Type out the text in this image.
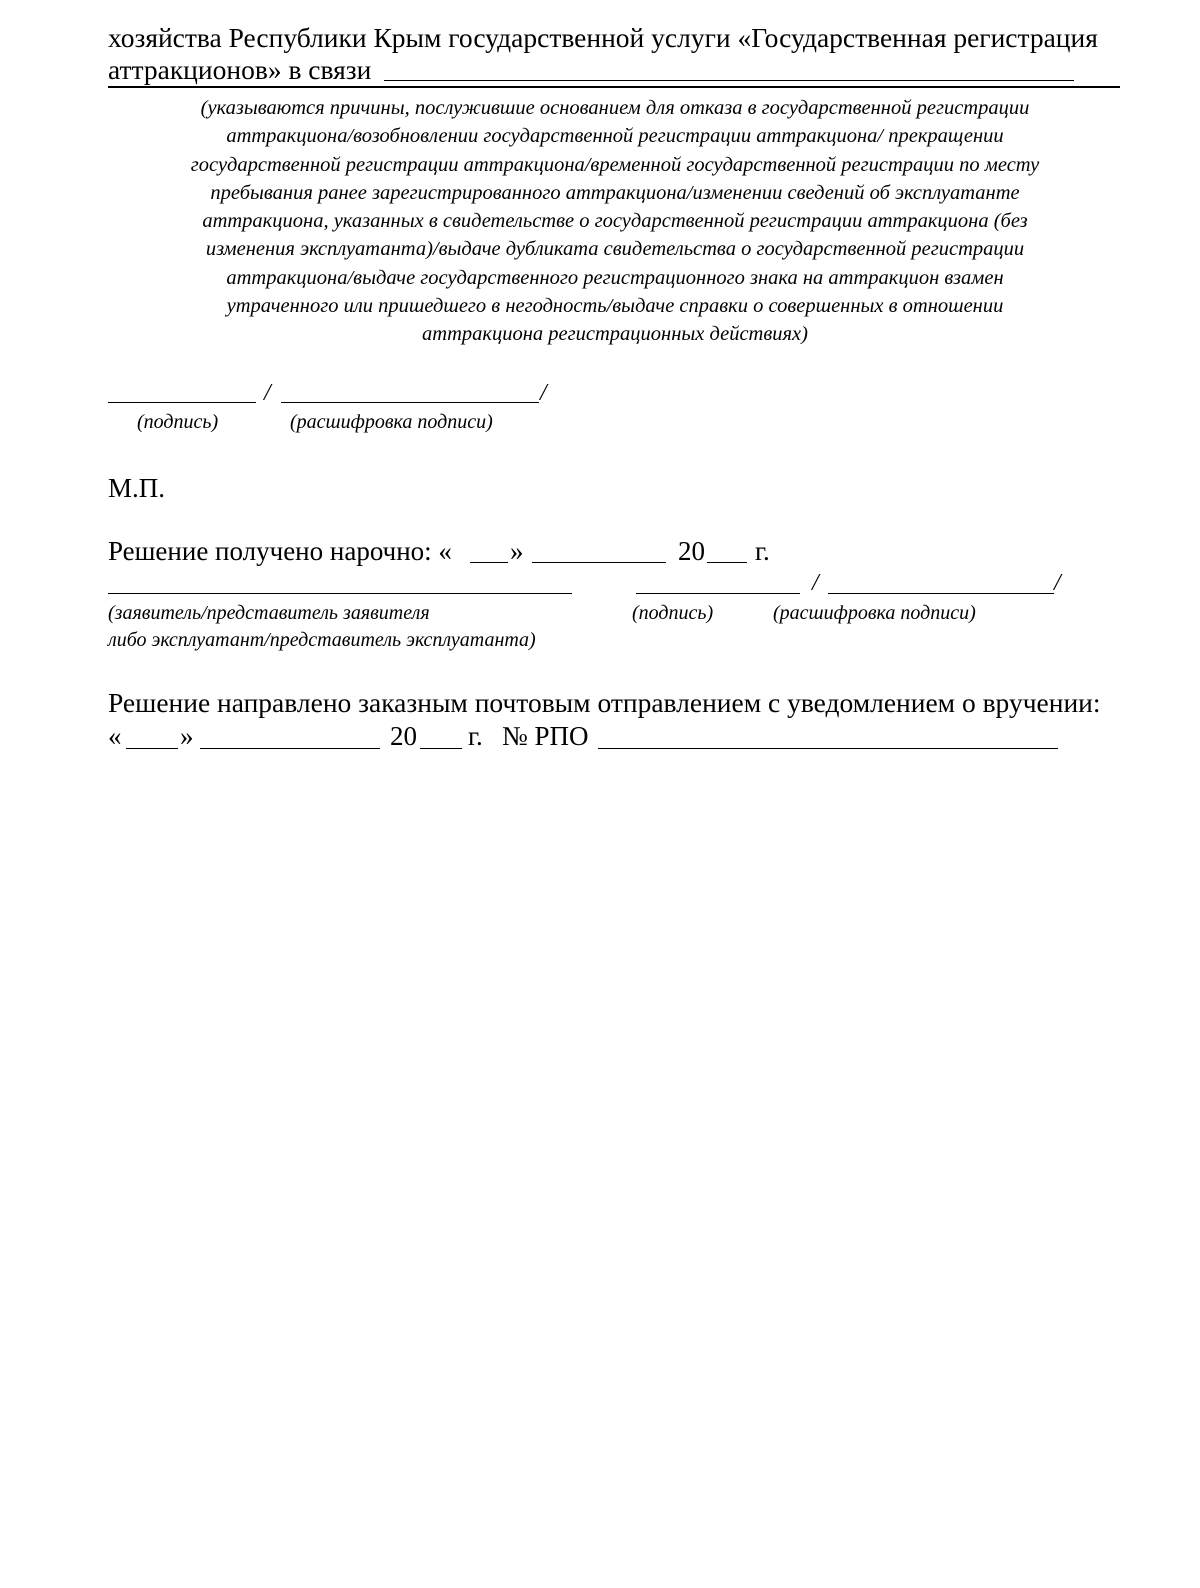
хозяйства Республики Крым государственной услуги «Государственная регистрация
аттракционов» в связи
(указываются причины, послужившие основанием для отказа в государственной регистрации
аттракциона/возобновлении государственной регистрации аттракциона/ прекращении
государственной регистрации аттракциона/временной государственной регистрации по месту
пребывания ранее зарегистрированного аттракциона/изменении сведений об эксплуатанте
аттракциона, указанных в свидетельстве о государственной регистрации аттракциона (без
изменения эксплуатанта)/выдаче дубликата свидетельства о государственной регистрации
аттракциона/выдаче государственного регистрационного знака на аттракцион взамен
утраченного или пришедшего в негодность/выдаче справки о совершенных в отношении
аттракциона регистрационных действиях)
/	/
(подпись)	(расшифровка подписи)
М.П.
Решение получено нарочно: « »	20 г.
/	/
(заявитель/представитель заявителя
либо эксплуатант/представитель эксплуатанта)
(подпись)	(расшифровка подписи)
Решение направлено заказным почтовым отправлением с уведомлением о вручении:
« »	20 г. № РПО
